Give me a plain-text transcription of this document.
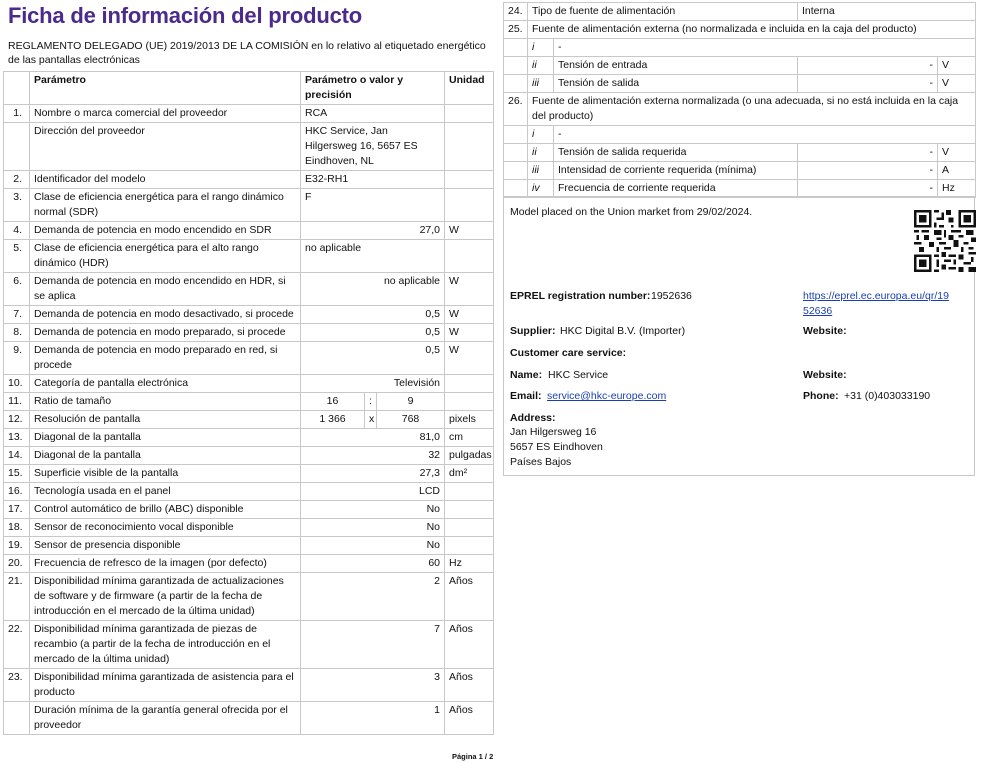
Ficha de información del producto
REGLAMENTO DELEGADO (UE) 2019/2013 DE LA COMISIÓN en lo relativo al etiquetado energético de las pantallas electrónicas
	Parámetro	Parámetro o valor y precisión			Unidad
1.	Nombre o marca comercial del proveedor	RCA			
	Dirección del proveedor	HKC Service, Jan Hilgersweg 16, 5657 ES Eindhoven, NL			
2.	Identificador del modelo	E32-RH1			
3.	Clase de eficiencia energética para el rango dinámico normal (SDR)	F			
4.	Demanda de potencia en modo encendido en SDR	27,0			W
5.	Clase de eficiencia energética para el alto rango dinámico (HDR)	no aplicable			
6.	Demanda de potencia en modo encendido en HDR, si se aplica	no aplicable			W
7.	Demanda de potencia en modo desactivado, si procede	0,5			W
8.	Demanda de potencia en modo preparado, si procede	0,5			W
9.	Demanda de potencia en modo preparado en red, si procede	0,5			W
10.	Categoría de pantalla electrónica	Televisión			
11.	Ratio de tamaño	16	:	9	
12.	Resolución de pantalla	1 366	x	768	pixels
13.	Diagonal de la pantalla	81,0			cm
14.	Diagonal de la pantalla	32			pulgadas
15.	Superficie visible de la pantalla	27,3			dm²
16.	Tecnología usada en el panel	LCD			
17.	Control automático de brillo (ABC) disponible	No			
18.	Sensor de reconocimiento vocal disponible	No			
19.	Sensor de presencia disponible	No			
20.	Frecuencia de refresco de la imagen (por defecto)	60			Hz
21.	Disponibilidad mínima garantizada de actualizaciones de software y de firmware (a partir de la fecha de introducción en el mercado de la última unidad)	2			Años
22.	Disponibilidad mínima garantizada de piezas de recambio (a partir de la fecha de introducción en el mercado de la última unidad)	7			Años
23.	Disponibilidad mínima garantizada de asistencia para el producto	3			Años
	Duración mínima de la garantía general ofrecida por el proveedor	1			Años
24.	Tipo de fuente de alimentación		Interna	
25.	Fuente de alimentación externa (no normalizada e incluida en la caja del producto)			
	i	-		
	ii	Tensión de entrada	-	V
	iii	Tensión de salida	-	V
26.	Fuente de alimentación externa normalizada (o una adecuada, si no está incluida en la caja del producto)			
	i	-		
	ii	Tensión de salida requerida	-	V
	iii	Intensidad de corriente requerida (mínima)	-	A
	iv	Frecuencia de corriente requerida	-	Hz
Model placed on the Union market from 29/02/2024.
EPREL registration number: 1952636	https://eprel.ec.europa.eu/qr/19
52636
Supplier: HKC Digital B.V. (Importer)	Website:
Customer care service:
Name: HKC Service	Website:
Email: service@hkc-europe.com	Phone: +31 (0)403033190
Address:
Jan Hilgersweg 16
5657 ES Eindhoven
Países Bajos
Página 1 / 2
